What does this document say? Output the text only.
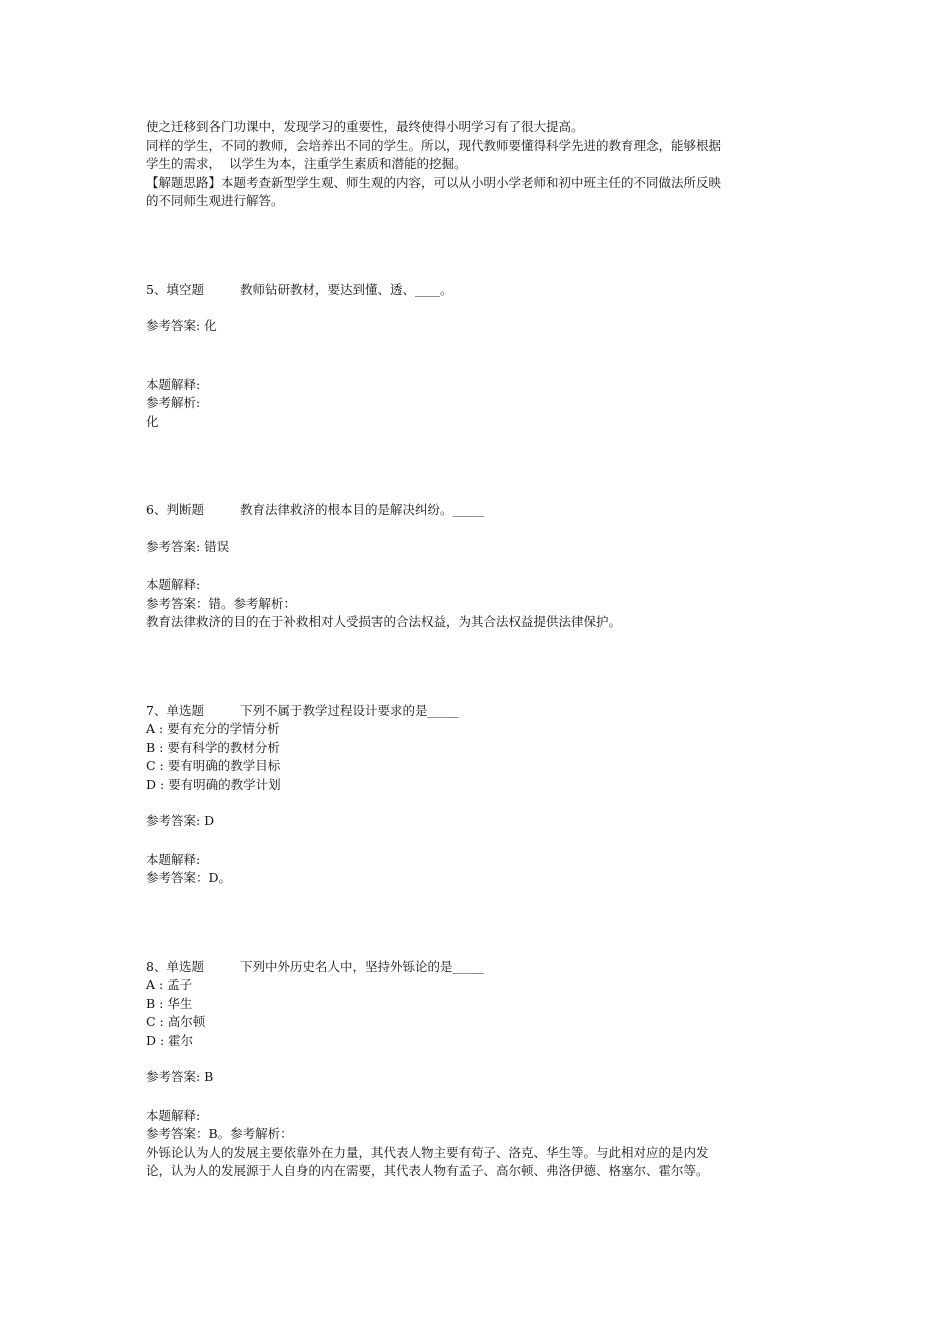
使之迁移到各门功课中，发现学习的重要性，最终使得小明学习有了很大提高。
同样的学生，不同的教师，会培养出不同的学生。所以，现代教师要懂得科学先进的教育理念，能够根据
学生的需求，  以学生为本，注重学生素质和潜能的挖掘。
【解题思路】本题考查新型学生观、师生观的内容，可以从小明小学老师和初中班主任的不同做法所反映
的不同师生观进行解答。
5、填空题	教师钻研教材，要达到懂、透、____。
参考答案: 化
本题解释:
参考解析:
化
6、判断题	教育法律救济的根本目的是解决纠纷。_____
参考答案: 错误
本题解释:
参考答案：错。参考解析：
教育法律救济的目的在于补救相对人受损害的合法权益，为其合法权益提供法律保护。
7、单选题	下列不属于教学过程设计要求的是_____
A : 要有充分的学情分析
B : 要有科学的教材分析
C : 要有明确的教学目标
D : 要有明确的教学计划
参考答案: D
本题解释:
参考答案：D。
8、单选题	下列中外历史名人中，坚持外铄论的是_____
A : 孟子
B : 华生
C : 高尔顿
D : 霍尔
参考答案: B
本题解释:
参考答案：B。参考解析：
外铄论认为人的发展主要依靠外在力量，其代表人物主要有荀子、洛克、华生等。与此相对应的是内发
论，认为人的发展源于人自身的内在需要，其代表人物有孟子、高尔顿、弗洛伊德、格塞尔、霍尔等。
